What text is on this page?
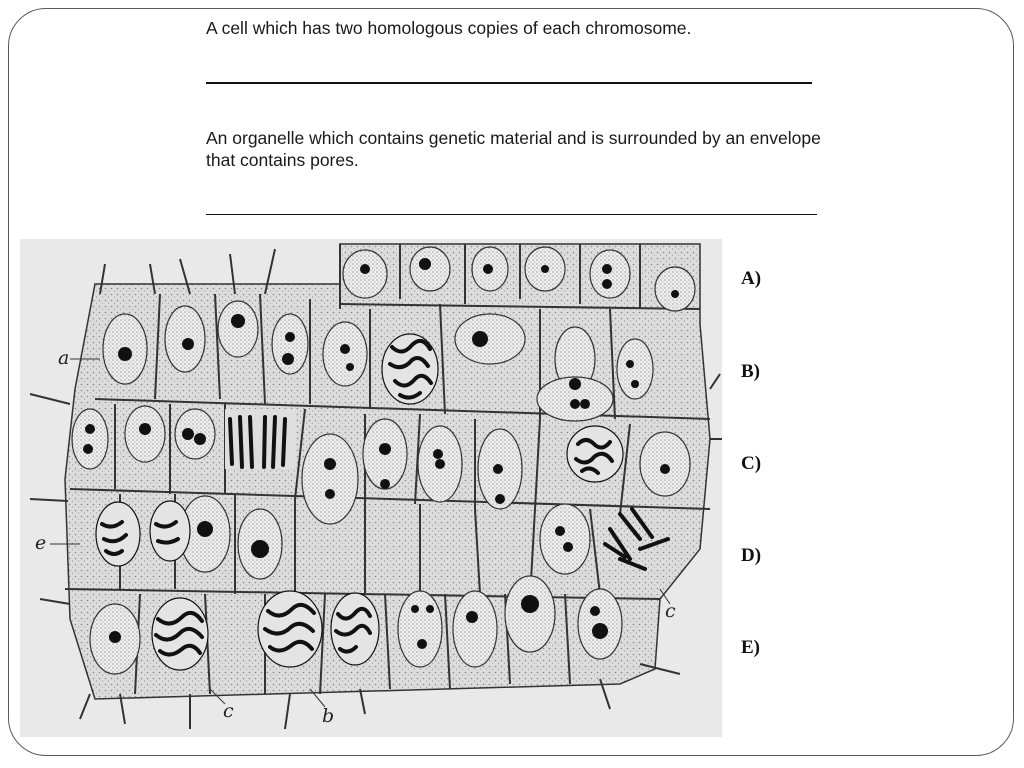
A cell which has two homologous copies of each chromosome.

An organelle which contains genetic material and is surrounded by an envelope that contains pores.

a
e
c
c	b
A)
B)
C)
D)
E)
